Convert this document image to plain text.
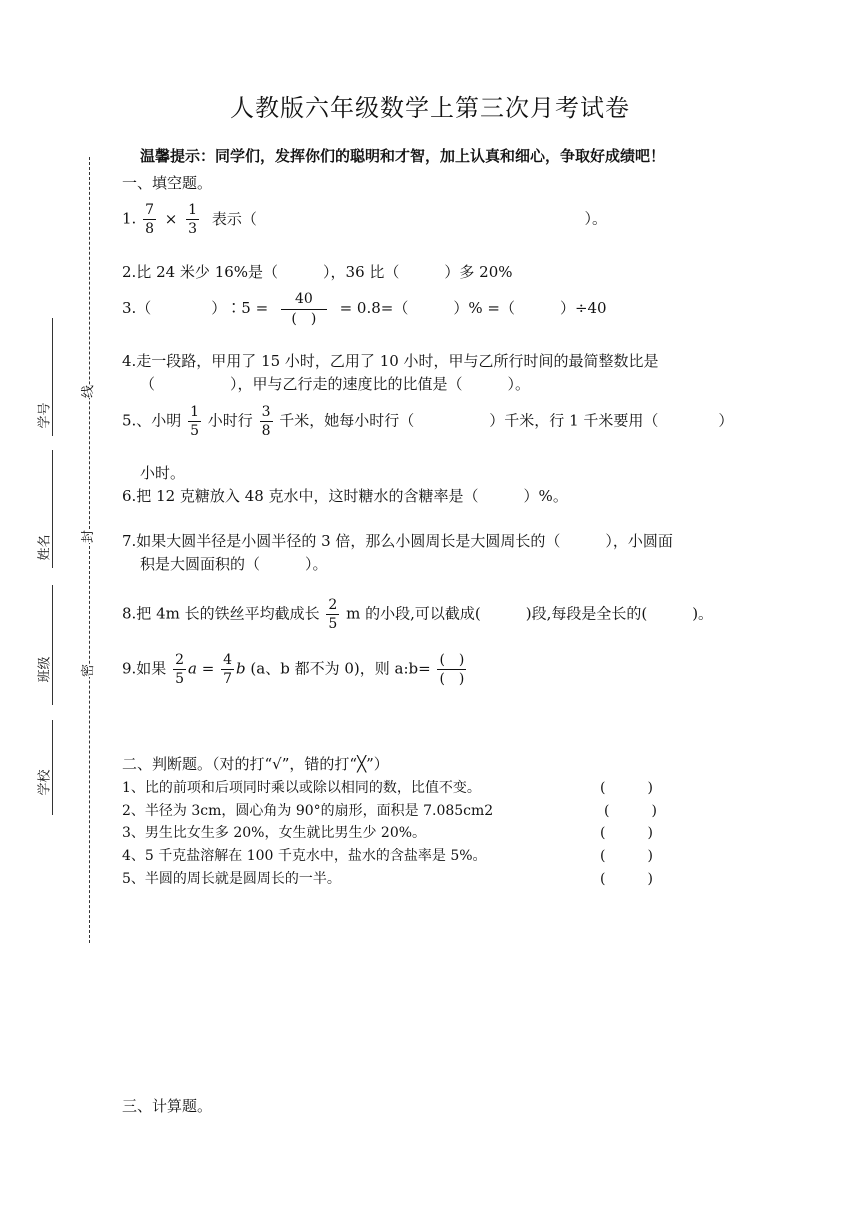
学号
姓名
班级
学校
线
封
密
人教版六年级数学上第三次月考试卷
温馨提示：同学们，发挥你们的聪明和才智，加上认真和细心，争取好成绩吧！
一、填空题。
1. $\frac{7}{8} \times \frac{1}{3}$ 表示（	）。
2.比 24 米少 16%是（　　　），36 比（　　　）多 20%
3.（　　　　）∶5 = $\frac{40}{( )} = 0.8=$（　　　）% =（　　　）÷40
4.走一段路，甲用了 15 小时，乙用了 10 小时，甲与乙所行时间的最简整数比是
（　　　　　），甲与乙行走的速度比的比值是（　　　）。
5.、小明 $\frac{1}{5}$ 小时行 $\frac{3}{8}$ 千米，她每小时行（　　　　　）千米，行 1 千米要用（　　　　）
小时。
6.把 12 克糖放入 48 克水中，这时糖水的含糖率是（　　　）%。
7.如果大圆半径是小圆半径的 3 倍，那么小圆周长是大圆周长的（　　　），小圆面
积是大圆面积的（　　　）。
8.把 4m 长的铁丝平均截成长 $\frac{2}{5}$ m 的小段,可以截成(　　　)段,每段是全长的(　　　)。
9.如果 $\frac{2}{5}$ $a = \frac{4}{7}$ b (a、b 都不为 0)，则 a:b= $\frac{( )}{( )}$
二、判断题。（对的打“√”，错的打“╳”）
1、比的前项和后项同时乘以或除以相同的数，比值不变。	(　　　)
2、半径为 3cm，圆心角为 90°的扇形，面积是 7.085cm2	(　　　)
3、男生比女生多 20%，女生就比男生少 20%。	(　　　)
4、5 千克盐溶解在 100 千克水中，盐水的含盐率是 5%。	(　　　)
5、半圆的周长就是圆周长的一半。	(　　　)
三、计算题。
